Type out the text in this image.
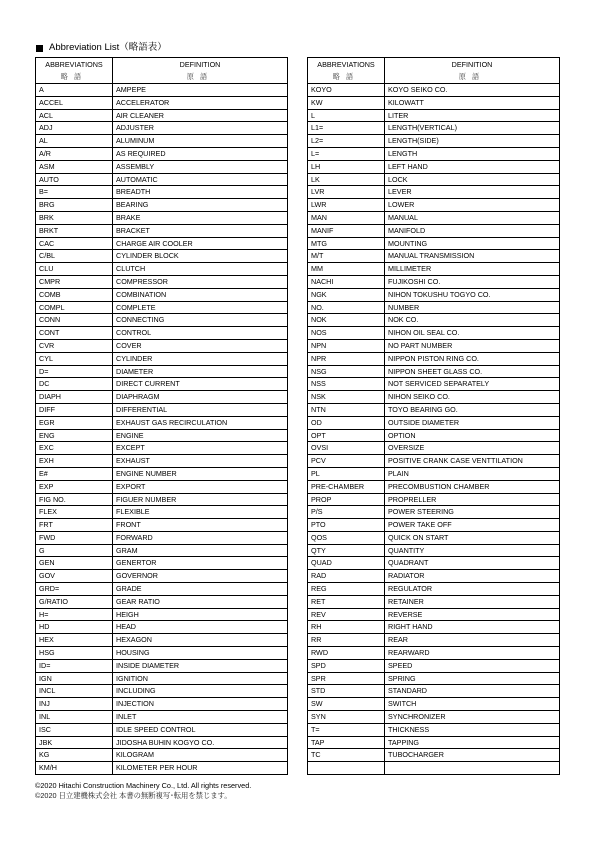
Abbreviation List（略語表）
ABBREVIATIONS	DEFINITION
略語	原語
A	AMPEPE
ACCEL	ACCELERATOR
ACL	AIR CLEANER
ADJ	ADJUSTER
AL	ALUMINUM
A/R	AS REQUIRED
ASM	ASSEMBLY
AUTO	AUTOMATIC
B=	BREADTH
BRG	BEARING
BRK	BRAKE
BRKT	BRACKET
CAC	CHARGE AIR COOLER
C/BL	CYLINDER BLOCK
CLU	CLUTCH
CMPR	COMPRESSOR
COMB	COMBINATION
COMPL	COMPLETE
CONN	CONNECTING
CONT	CONTROL
CVR	COVER
CYL	CYLINDER
D=	DIAMETER
DC	DIRECT CURRENT
DIAPH	DIAPHRAGM
DIFF	DIFFERENTIAL
EGR	EXHAUST GAS RECIRCULATION
ENG	ENGINE
EXC	EXCEPT
EXH	EXHAUST
E#	ENGINE NUMBER
EXP	EXPORT
FIG NO.	FIGUER NUMBER
FLEX	FLEXIBLE
FRT	FRONT
FWD	FORWARD
G	GRAM
GEN	GENERTOR
GOV	GOVERNOR
GRD=	GRADE
G/RATIO	GEAR RATIO
H=	HEIGH
HD	HEAD
HEX	HEXAGON
HSG	HOUSING
ID=	INSIDE DIAMETER
IGN	IGNITION
INCL	INCLUDING
INJ	INJECTION
INL	INLET
ISC	IDLE SPEED CONTROL
JBK	JIDOSHA BUHIN KOGYO CO.
KG	KILOGRAM
KM/H	KILOMETER PER HOUR
ABBREVIATIONS	DEFINITION
略語	原語
KOYO	KOYO SEIKO CO.
KW	KILOWATT
L	LITER
L1=	LENGTH(VERTICAL)
L2=	LENGTH(SIDE)
L=	LENGTH
LH	LEFT HAND
LK	LOCK
LVR	LEVER
LWR	LOWER
MAN	MANUAL
MANIF	MANIFOLD
MTG	MOUNTING
M/T	MANUAL TRANSMISSION
MM	MILLIMETER
NACHI	FUJIKOSHI CO.
NGK	NIHON TOKUSHU TOGYO CO.
NO.	NUMBER
NOK	NOK CO.
NOS	NIHON OIL SEAL CO.
NPN	NO PART NUMBER
NPR	NIPPON PISTON RING CO.
NSG	NIPPON SHEET GLASS CO.
NSS	NOT SERVICED SEPARATELY
NSK	NIHON SEIKO CO.
NTN	TOYO BEARING GO.
OD	OUTSIDE DIAMETER
OPT	OPTION
OVSI	OVERSIZE
PCV	POSITIVE CRANK CASE VENTTILATION
PL	PLAIN
PRE-CHAMBER	PRECOMBUSTION CHAMBER
PROP	PROPRELLER
P/S	POWER STEERING
PTO	POWER TAKE OFF
QOS	QUICK ON START
QTY	QUANTITY
QUAD	QUADRANT
RAD	RADIATOR
REG	REGULATOR
RET	RETAINER
REV	REVERSE
RH	RIGHT HAND
RR	REAR
RWD	REARWARD
SPD	SPEED
SPR	SPRING
STD	STANDARD
SW	SWITCH
SYN	SYNCHRONIZER
T=	THICKNESS
TAP	TAPPING
TC	TUBOCHARGER

©2020 Hitachi Construction Machinery Co., Ltd. All rights reserved.
©2020 日立建機株式会社 本書の無断複写･転用を禁じます。
